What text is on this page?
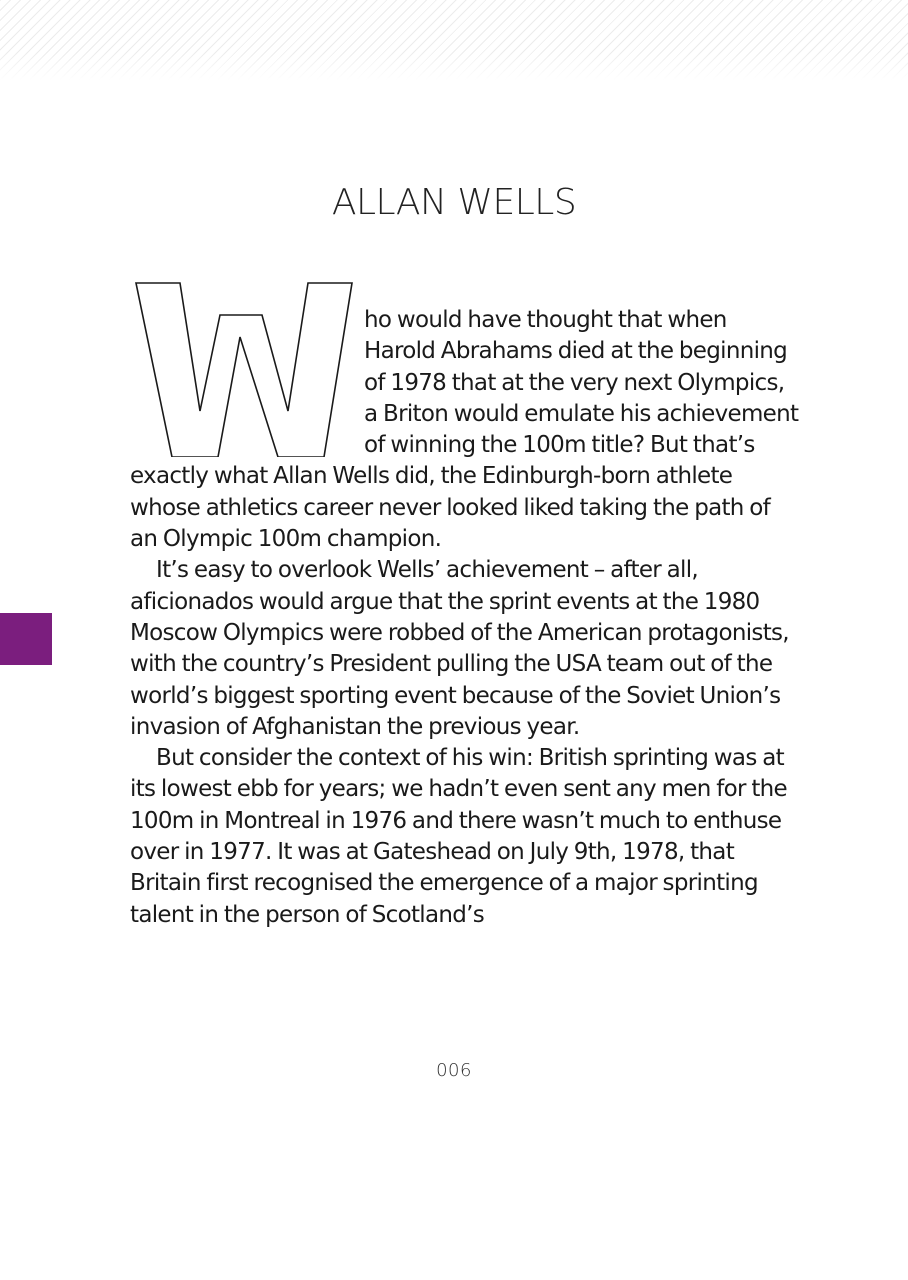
ALLAN WELLS

ho would have thought that when Harold Abrahams died at the beginning of 1978 that at the very next Olympics, a Briton would emulate his achievement of winning the 100m title? But that’s exactly what Allan Wells did, the Edinburgh-born athlete whose athletics career never looked liked taking the path of an Olympic 100m champion.

It’s easy to overlook Wells’ achievement – after all, aficionados would argue that the sprint events at the 1980 Moscow Olympics were robbed of the American protagonists, with the country’s President pulling the USA team out of the world’s biggest sporting event because of the Soviet Union’s invasion of Afghanistan the previous year.

But consider the context of his win: British sprinting was at its lowest ebb for years; we hadn’t even sent any men for the 100m in Montreal in 1976 and there wasn’t much to enthuse over in 1977. It was at Gateshead on July 9th, 1978, that Britain first recognised the emergence of a major sprinting talent in the person of Scotland’s

006
